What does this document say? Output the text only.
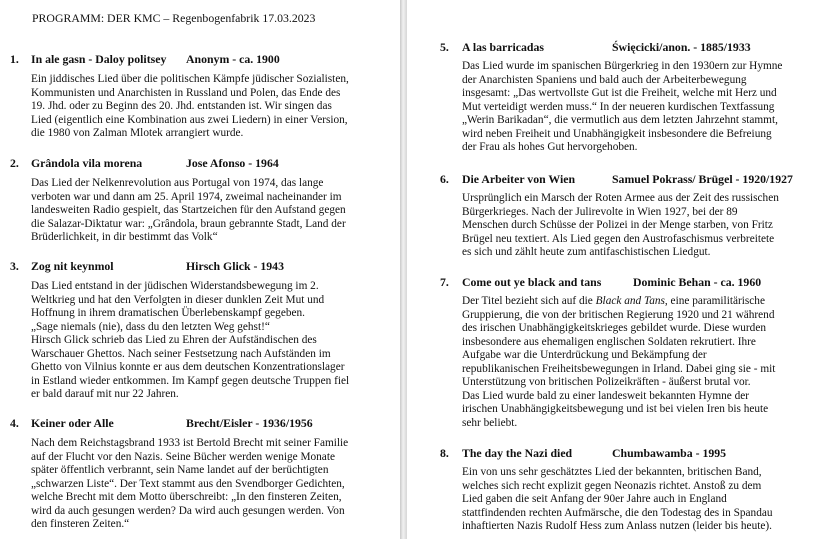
PROGRAMM: DER KMC – Regenbogenfabrik 17.03.2023
1. In ale gasn - Daloy politsey Anonym - ca. 1900
Ein jiddisches Lied über die politischen Kämpfe jüdischer Sozialisten,
Kommunisten und Anarchisten in Russland und Polen, das Ende des
19. Jhd. oder zu Beginn des 20. Jhd. entstanden ist. Wir singen das
Lied (eigentlich eine Kombination aus zwei Liedern) in einer Version,
die 1980 von Zalman Mlotek arrangiert wurde.
2. Grândola vila morena	Jose Afonso - 1964
Das Lied der Nelkenrevolution aus Portugal von 1974, das lange
verboten war und dann am 25. April 1974, zweimal nacheinander im
landesweiten Radio gespielt, das Startzeichen für den Aufstand gegen
die Salazar-Diktatur war: „Grândola, braun gebrannte Stadt, Land der
Brüderlichkeit, in dir bestimmt das Volk“
3. Zog nit keynmol	Hirsch Glick - 1943
Das Lied entstand in der jüdischen Widerstandsbewegung im 2.
Weltkrieg und hat den Verfolgten in dieser dunklen Zeit Mut und
Hoffnung in ihrem dramatischen Überlebenskampf gegeben.
„Sage niemals (nie), dass du den letzten Weg gehst!“
Hirsch Glick schrieb das Lied zu Ehren der Aufständischen des
Warschauer Ghettos. Nach seiner Festsetzung nach Aufständen im
Ghetto von Vilnius konnte er aus dem deutschen Konzentrationslager
in Estland wieder entkommen. Im Kampf gegen deutsche Truppen fiel
er bald darauf mit nur 22 Jahren.
4. Keiner oder Alle	Brecht/Eisler - 1936/1956
Nach dem Reichstagsbrand 1933 ist Bertold Brecht mit seiner Familie
auf der Flucht vor den Nazis. Seine Bücher werden wenige Monate
später öffentlich verbrannt, sein Name landet auf der berüchtigten
„schwarzen Liste“. Der Text stammt aus den Svendborger Gedichten,
welche Brecht mit dem Motto überschreibt: „In den finsteren Zeiten,
wird da auch gesungen werden? Da wird auch gesungen werden. Von
den finsteren Zeiten.“
5. A las barricadas	Święcicki/anon. - 1885/1933
Das Lied wurde im spanischen Bürgerkrieg in den 1930ern zur Hymne
der Anarchisten Spaniens und bald auch der Arbeiterbewegung
insgesamt: „Das wertvollste Gut ist die Freiheit, welche mit Herz und
Mut verteidigt werden muss.“ In der neueren kurdischen Textfassung
„Werin Barikadan“, die vermutlich aus dem letzten Jahrzehnt stammt,
wird neben Freiheit und Unabhängigkeit insbesondere die Befreiung
der Frau als hohes Gut hervorgehoben.
6. Die Arbeiter von Wien	Samuel Pokrass/ Brügel - 1920/1927
Ursprünglich ein Marsch der Roten Armee aus der Zeit des russischen
Bürgerkrieges. Nach der Julirevolte in Wien 1927, bei der 89
Menschen durch Schüsse der Polizei in der Menge starben, von Fritz
Brügel neu textiert. Als Lied gegen den Austrofaschismus verbreitete
es sich und zählt heute zum antifaschistischen Liedgut.
7. Come out ye black and tans	Dominic Behan - ca. 1960
Der Titel bezieht sich auf die Black and Tans, eine paramilitärische
Gruppierung, die von der britischen Regierung 1920 und 21 während
des irischen Unabhängigkeitskrieges gebildet wurde. Diese wurden
insbesondere aus ehemaligen englischen Soldaten rekrutiert. Ihre
Aufgabe war die Unterdrückung und Bekämpfung der
republikanischen Freiheitsbewegungen in Irland. Dabei ging sie - mit
Unterstützung von britischen Polizeikräften - äußerst brutal vor.
Das Lied wurde bald zu einer landesweit bekannten Hymne der
irischen Unabhängigkeitsbewegung und ist bei vielen Iren bis heute
sehr beliebt.
8. The day the Nazi died	Chumbawamba - 1995
Ein von uns sehr geschätztes Lied der bekannten, britischen Band,
welches sich recht explizit gegen Neonazis richtet. Anstoß zu dem
Lied gaben die seit Anfang der 90er Jahre auch in England
stattfindenden rechten Aufmärsche, die den Todestag des in Spandau
inhaftierten Nazis Rudolf Hess zum Anlass nutzen (leider bis heute).
